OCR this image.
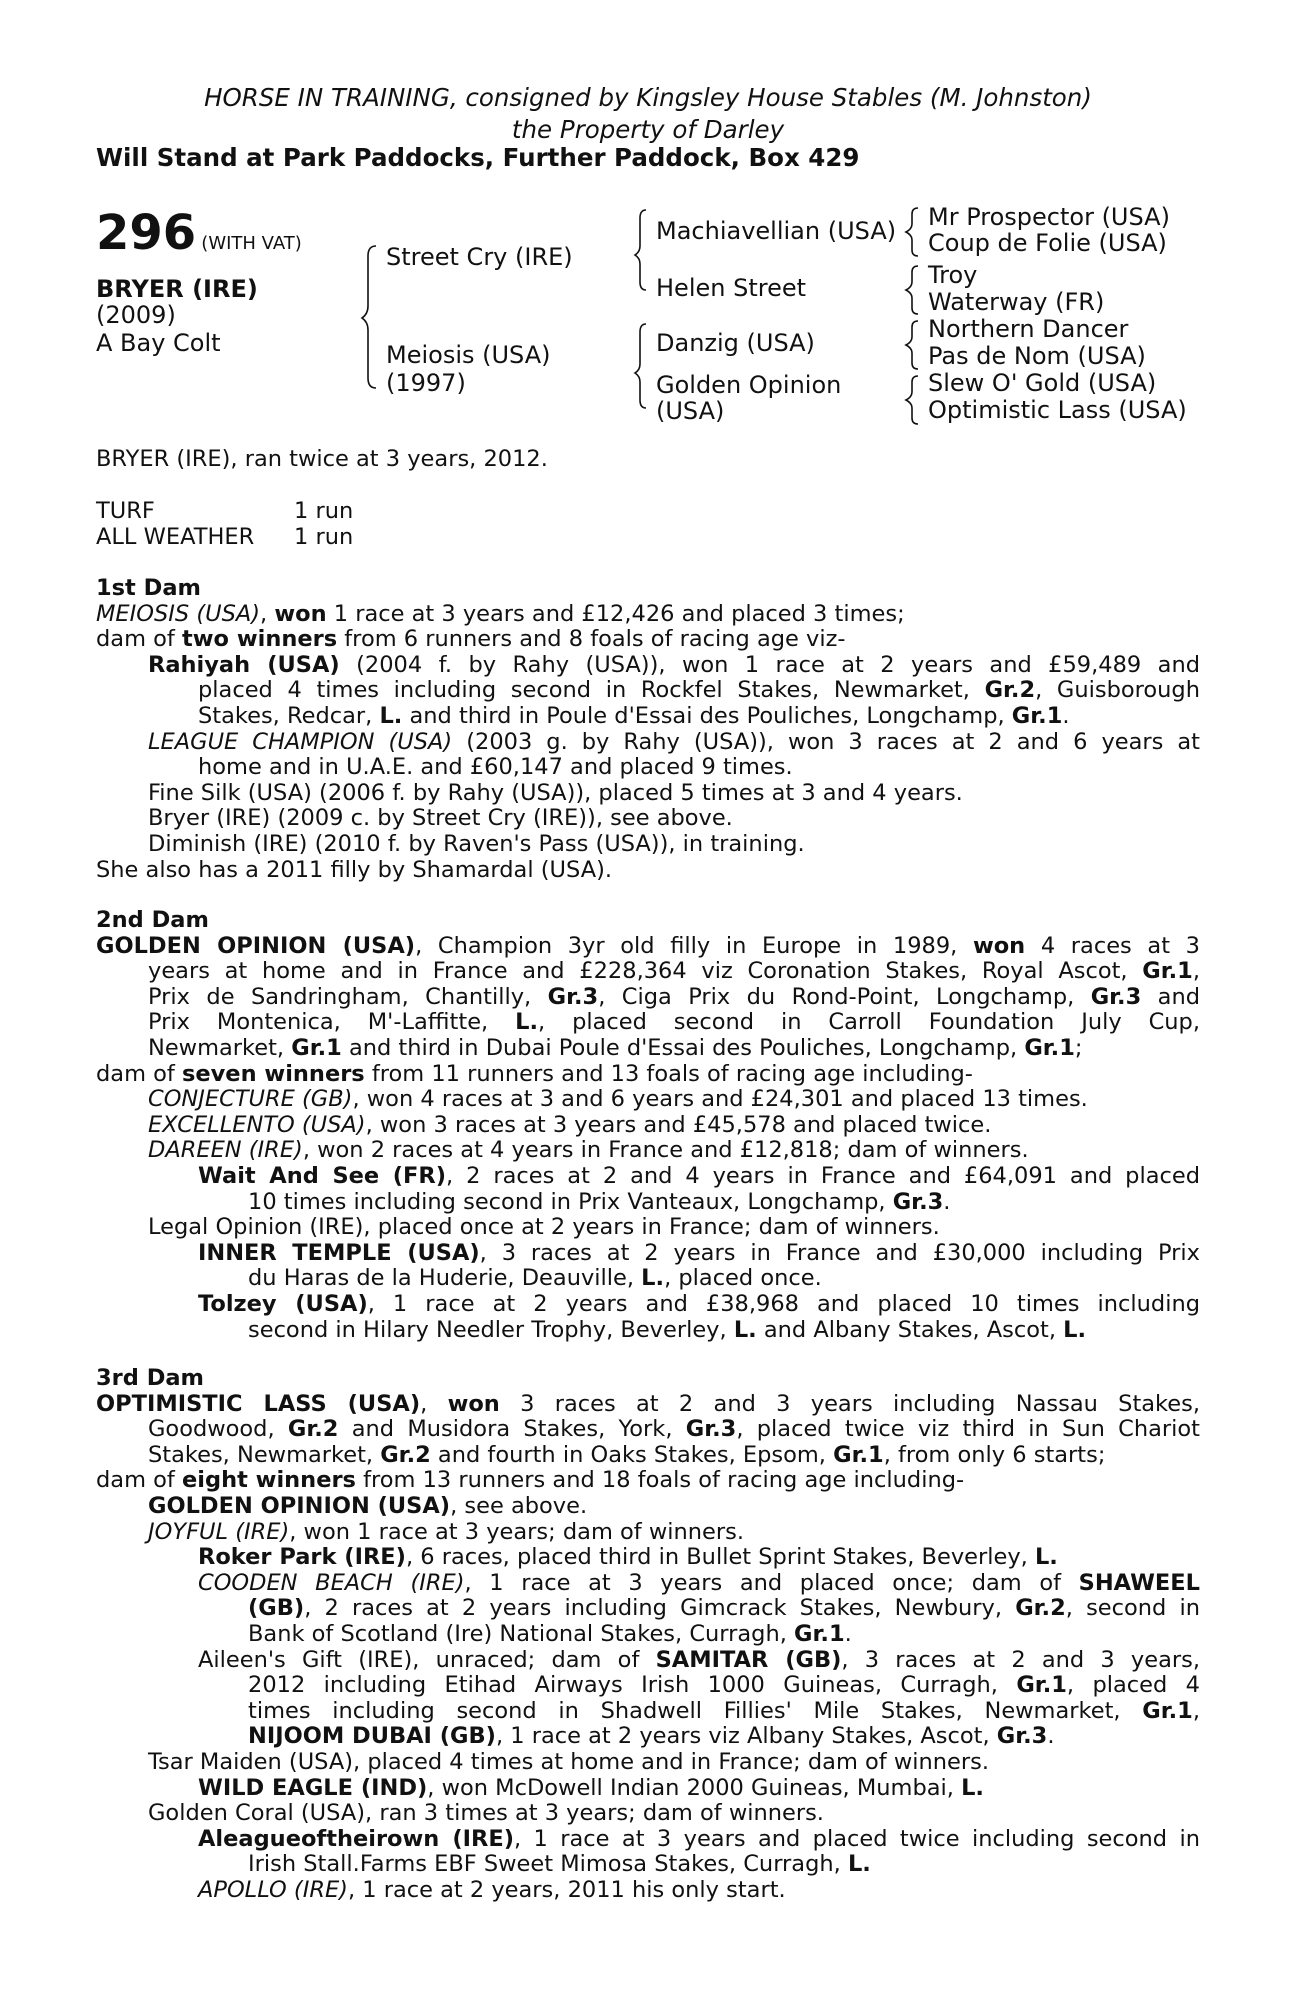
HORSE IN TRAINING, consigned by Kingsley House Stables (M. Johnston)
the Property of Darley
Will Stand at Park Paddocks, Further Paddock, Box 429
296 (WITH VAT)
BRYER (IRE)
(2009)
A Bay Colt
Street Cry (IRE)
Meiosis (USA)
(1997)
Machiavellian (USA)
Helen Street
Danzig (USA)
Golden Opinion
(USA)
Mr Prospector (USA)
Coup de Folie (USA)
Troy
Waterway (FR)
Northern Dancer
Pas de Nom (USA)
Slew O' Gold (USA)
Optimistic Lass (USA)
BRYER (IRE), ran twice at 3 years, 2012.
TURF	1 run
ALL WEATHER 1 run
1st Dam
MEIOSIS (USA), won 1 race at 3 years and £12,426 and placed 3 times;
dam of two winners from 6 runners and 8 foals of racing age viz-
Rahiyah (USA) (2004 f. by Rahy (USA)), won 1 race at 2 years and £59,489 and
placed 4 times including second in Rockfel Stakes, Newmarket, Gr.2, Guisborough
Stakes, Redcar, L. and third in Poule d'Essai des Pouliches, Longchamp, Gr.1.
LEAGUE CHAMPION (USA) (2003 g. by Rahy (USA)), won 3 races at 2 and 6 years at
home and in U.A.E. and £60,147 and placed 9 times.
Fine Silk (USA) (2006 f. by Rahy (USA)), placed 5 times at 3 and 4 years.
Bryer (IRE) (2009 c. by Street Cry (IRE)), see above.
Diminish (IRE) (2010 f. by Raven's Pass (USA)), in training.
She also has a 2011 filly by Shamardal (USA).
2nd Dam
GOLDEN OPINION (USA), Champion 3yr old filly in Europe in 1989, won 4 races at 3
years at home and in France and £228,364 viz Coronation Stakes, Royal Ascot, Gr.1,
Prix de Sandringham, Chantilly, Gr.3, Ciga Prix du Rond-Point, Longchamp, Gr.3 and
Prix Montenica, M'-Laffitte, L., placed second in Carroll Foundation July Cup,
Newmarket, Gr.1 and third in Dubai Poule d'Essai des Pouliches, Longchamp, Gr.1;
dam of seven winners from 11 runners and 13 foals of racing age including-
CONJECTURE (GB), won 4 races at 3 and 6 years and £24,301 and placed 13 times.
EXCELLENTO (USA), won 3 races at 3 years and £45,578 and placed twice.
DAREEN (IRE), won 2 races at 4 years in France and £12,818; dam of winners.
Wait And See (FR), 2 races at 2 and 4 years in France and £64,091 and placed
10 times including second in Prix Vanteaux, Longchamp, Gr.3.
Legal Opinion (IRE), placed once at 2 years in France; dam of winners.
INNER TEMPLE (USA), 3 races at 2 years in France and £30,000 including Prix
du Haras de la Huderie, Deauville, L., placed once.
Tolzey (USA), 1 race at 2 years and £38,968 and placed 10 times including
second in Hilary Needler Trophy, Beverley, L. and Albany Stakes, Ascot, L.
3rd Dam
OPTIMISTIC LASS (USA), won 3 races at 2 and 3 years including Nassau Stakes,
Goodwood, Gr.2 and Musidora Stakes, York, Gr.3, placed twice viz third in Sun Chariot
Stakes, Newmarket, Gr.2 and fourth in Oaks Stakes, Epsom, Gr.1, from only 6 starts;
dam of eight winners from 13 runners and 18 foals of racing age including-
GOLDEN OPINION (USA), see above.
JOYFUL (IRE), won 1 race at 3 years; dam of winners.
Roker Park (IRE), 6 races, placed third in Bullet Sprint Stakes, Beverley, L.
COODEN BEACH (IRE), 1 race at 3 years and placed once; dam of SHAWEEL
(GB), 2 races at 2 years including Gimcrack Stakes, Newbury, Gr.2, second in
Bank of Scotland (Ire) National Stakes, Curragh, Gr.1.
Aileen's Gift (IRE), unraced; dam of SAMITAR (GB), 3 races at 2 and 3 years,
2012 including Etihad Airways Irish 1000 Guineas, Curragh, Gr.1, placed 4
times including second in Shadwell Fillies' Mile Stakes, Newmarket, Gr.1,
NIJOOM DUBAI (GB), 1 race at 2 years viz Albany Stakes, Ascot, Gr.3.
Tsar Maiden (USA), placed 4 times at home and in France; dam of winners.
WILD EAGLE (IND), won McDowell Indian 2000 Guineas, Mumbai, L.
Golden Coral (USA), ran 3 times at 3 years; dam of winners.
Aleagueoftheirown (IRE), 1 race at 3 years and placed twice including second in
Irish Stall.Farms EBF Sweet Mimosa Stakes, Curragh, L.
APOLLO (IRE), 1 race at 2 years, 2011 his only start.
